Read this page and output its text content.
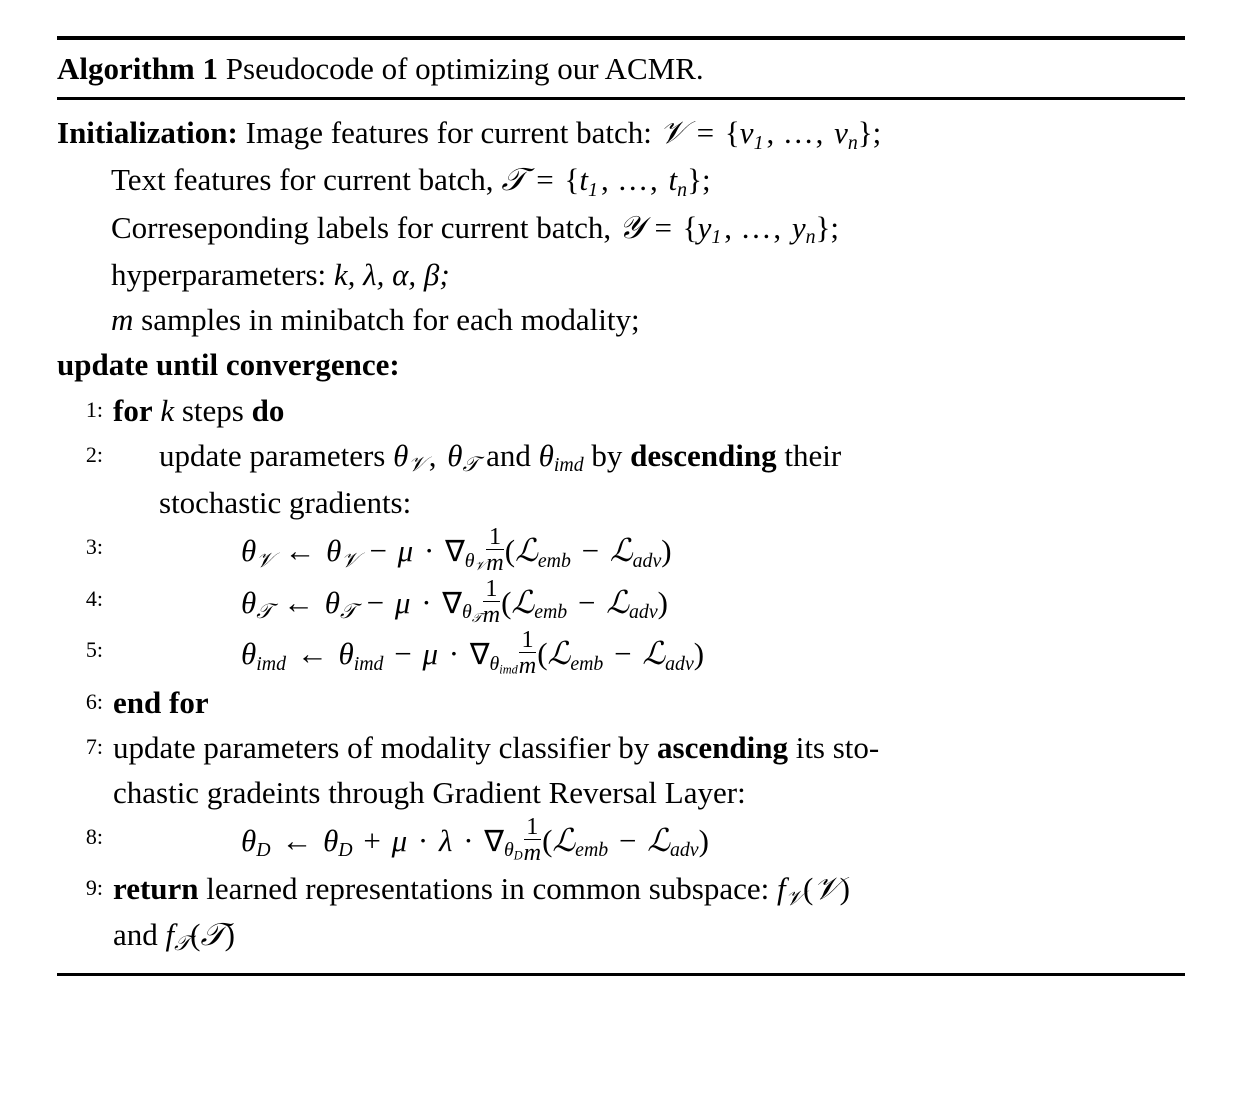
Algorithm 1 Pseudocode of optimizing our ACMR.
Initialization: Image features for current batch: 𝒱 = {v1, …, vn};
Text features for current batch, 𝒯 = {t1, …, tn};
Correseponding labels for current batch, 𝒴 = {y1, …, yn};
hyperparameters: k, λ, α, β;
m samples in minibatch for each modality;
update until convergence:
1: for k steps do
2:	update parameters θ𝒱, θ𝒯 and θimd by descending their

stochastic gradients:
3:	θ𝒱 ← θ𝒱 − μ · ∇θ𝒱 $\frac{1}{m}$ (ℒemb − ℒadv)
4:	θ𝒯 ← θ𝒯 − μ · ∇θ𝒯 $\frac{1}{m}$ (ℒemb − ℒadv)
5:	θimd ← $\theta imd - \mu \cdot \nabla\theta imd \frac{1}{m}$ (ℒemb − ℒadv)
6: end for
7: update parameters of modality classifier by ascending its sto-

chastic gradeints through Gradient Reversal Layer:
8:	θD ← $\theta D + \mu \cdot \lambda \cdot \nabla\theta D \frac{1}{m}$ (ℒemb − ℒadv)
9: return learned representations in common subspace: f𝒱(𝒱)

and f𝒯(𝒯)
